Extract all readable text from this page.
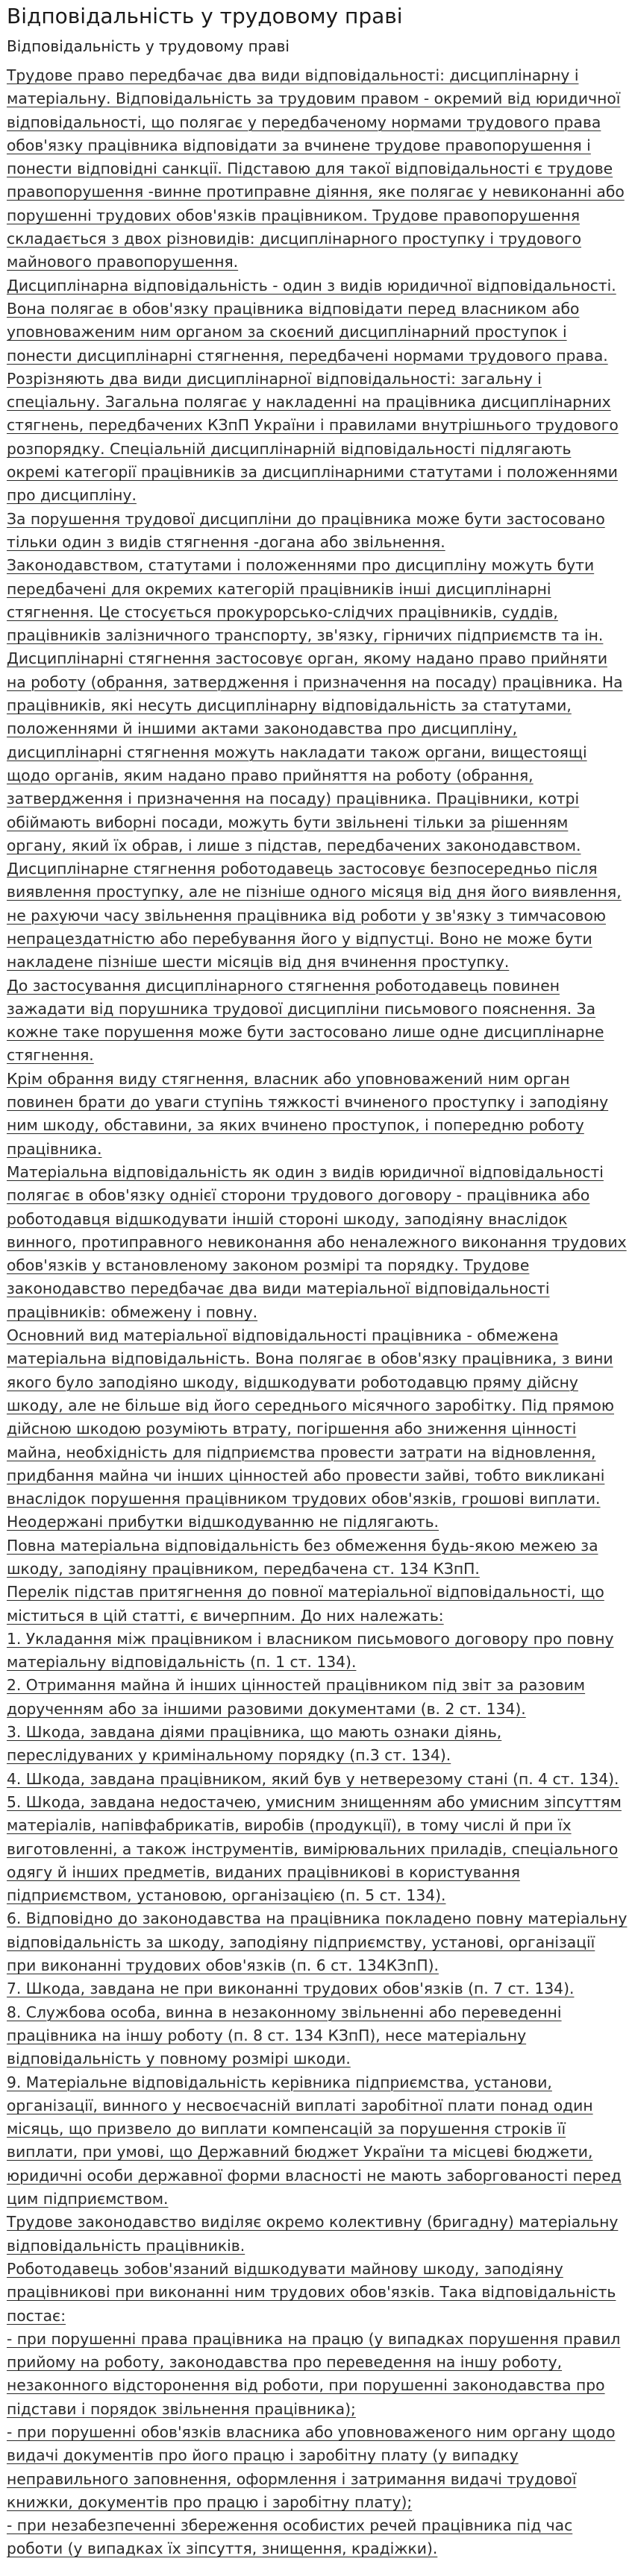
Відповідальність у трудовому праві
Відповідальність у трудовому праві

Трудове право передбачає два види відповідальності: дисциплінарну і матеріальну. Відповідальність за трудовим правом - окремий від юридичної відповідальності, що полягає у передбаченому нормами трудового права обов'язку працівника відповідати за вчинене трудове правопорушення і понести відповідні санкції. Підставою для такої відповідальності є трудове правопорушення -винне протиправне діяння, яке полягає у невиконанні або порушенні трудових обов'язків працівником. Трудове правопорушення складається з двох різновидів: дисциплінарного проступку і трудового майнового правопорушення.

Дисциплінарна відповідальність - один з видів юридичної відповідальності. Вона полягає в обов'язку працівника відповідати перед власником або уповноваженим ним органом за скоєний дисциплінарний проступок і понести дисциплінарні стягнення, передбачені нормами трудового права.

Розрізняють два види дисциплінарної відповідальності: загальну і спеціальну. Загальна полягає у накладенні на працівника дисциплінарних стягнень, передбачених КЗпП України і правилами внутрішнього трудового розпорядку. Спеціальній дисциплінарній відповідальності підлягають окремі категорії працівників за дисциплінарними статутами і положеннями про дисципліну.

За порушення трудової дисципліни до працівника може бути застосовано тільки один з видів стягнення -догана або звільнення.

Законодавством, статутами і положеннями про дисципліну можуть бути передбачені для окремих категорій працівників інші дисциплінарні стягнення. Це стосується прокурорсько-слідчих працівників, суддів, працівників залізничного транспорту, зв'язку, гірничих підприємств та ін.

Дисциплінарні стягнення застосовує орган, якому надано право прийняти на роботу (обрання, затвердження і призначення на посаду) працівника. На працівників, які несуть дисциплінарну відповідальність за статутами, положеннями й іншими актами законодавства про дисципліну, дисциплінарні стягнення можуть накладати також органи, вищестоящі щодо органів, яким надано право прийняття на роботу (обрання, затвердження і призначення на посаду) працівника. Працівники, котрі обіймають виборні посади, можуть бути звільнені тільки за рішенням органу, який їх обрав, і лише з підстав, передбачених законодавством.

Дисциплінарне стягнення роботодавець застосовує безпосередньо після виявлення проступку, але не пізніше одного місяця від дня його виявлення, не рахуючи часу звільнення працівника від роботи у зв'язку з тимчасовою непрацездатністю або перебування його у відпустці. Воно не може бути накладене пізніше шести місяців від дня вчинення проступку.

До застосування дисциплінарного стягнення роботодавець повинен зажадати від порушника трудової дисципліни письмового пояснення. За кожне таке порушення може бути застосовано лише одне дисциплінарне стягнення.

Крім обрання виду стягнення, власник або уповноважений ним орган повинен брати до уваги ступінь тяжкості вчиненого проступку і заподіяну ним шкоду, обставини, за яких вчинено проступок, і попередню роботу працівника.

Матеріальна відповідальність як один з видів юридичної відповідальності полягає в обов'язку однієї сторони трудового договору - працівника або роботодавця відшкодувати іншій стороні шкоду, заподіяну внаслідок винного, протиправного невиконання або неналежного виконання трудових обов'язків у встановленому законом розмірі та порядку. Трудове законодавство передбачає два види матеріальної відповідальності працівників: обмежену і повну.

Основний вид матеріальної відповідальності працівника - обмежена матеріальна відповідальність. Вона полягає в обов'язку працівника, з вини якого було заподіяно шкоду, відшкодувати роботодавцю пряму дійсну шкоду, але не більше від його середнього місячного заробітку. Під прямою дійсною шкодою розуміють втрату, погіршення або зниження цінності майна, необхідність для підприємства провести затрати на відновлення, придбання майна чи інших цінностей або провести зайві, тобто викликані внаслідок порушення працівником трудових обов'язків, грошові виплати. Неодержані прибутки відшкодуванню не підлягають.

Повна матеріальна відповідальність без обмеження будь-якою межею за шкоду, заподіяну працівником, передбачена ст. 134 КЗпП.

Перелік підстав притягнення до повної матеріальної відповідальності, що міститься в цій статті, є вичерпним. До них належать:

1. Укладання між працівником і власником письмового договору про повну матеріальну відповідальність (п. 1 ст. 134).

2. Отримання майна й інших цінностей працівником під звіт за разовим дорученням або за іншими разовими документами (в. 2 ст. 134).

3. Шкода, завдана діями працівника, що мають ознаки діянь, переслідуваних у кримінальному порядку (п.3 ст. 134).

4. Шкода, завдана працівником, який був у нетверезому стані (п. 4 ст. 134).

5. Шкода, завдана недостачею, умисним знищенням або умисним зіпсуттям матеріалів, напівфабрикатів, виробів (продукції), в тому числі й при їх виготовленні, а також інструментів, вимірювальних приладів, спеціального одягу й інших предметів, виданих працівникові в користування підприємством, установою, організацією (п. 5 ст. 134).

6. Відповідно до законодавства на працівника покладено повну матеріальну відповідальність за шкоду, заподіяну підприємству, установі, організації при виконанні трудових обов'язків (п. 6 ст. 134КЗпП).

7. Шкода, завдана не при виконанні трудових обов'язків (п. 7 ст. 134).

8. Службова особа, винна в незаконному звільненні або переведенні працівника на іншу роботу (п. 8 ст. 134 КЗпП), несе матеріальну відповідальність у повному розмірі шкоди.

9. Матеріальне відповідальність керівника підприємства, установи, організації, винного у несвоєчасній виплаті заробітної плати понад один місяць, що призвело до виплати компенсацій за порушення строків її виплати, при умові, що Державний бюджет України та місцеві бюджети, юридичні особи державної форми власності не мають заборгованості перед цим підприємством.

Трудове законодавство виділяє окремо колективну (бригадну) матеріальну відповідальність працівників.

Роботодавець зобов'язаний відшкодувати майнову шкоду, заподіяну працівникові при виконанні ним трудових обов'язків. Така відповідальність постає:

- при порушенні права працівника на працю (у випадках порушення правил прийому на роботу, законодавства про переведення на іншу роботу, незаконного відсторонення від роботи, при порушенні законодавства про підстави і порядок звільнення працівника);

- при порушенні обов'язків власника або уповноваженого ним органу щодо видачі документів про його працю і заробітну плату (у випадку неправильного заповнення, оформлення і затримання видачі трудової книжки, документів про працю і заробітну плату);

- при незабезпеченні збереження особистих речей працівника під час роботи (у випадках їх зіпсуття, знищення, крадіжки).
